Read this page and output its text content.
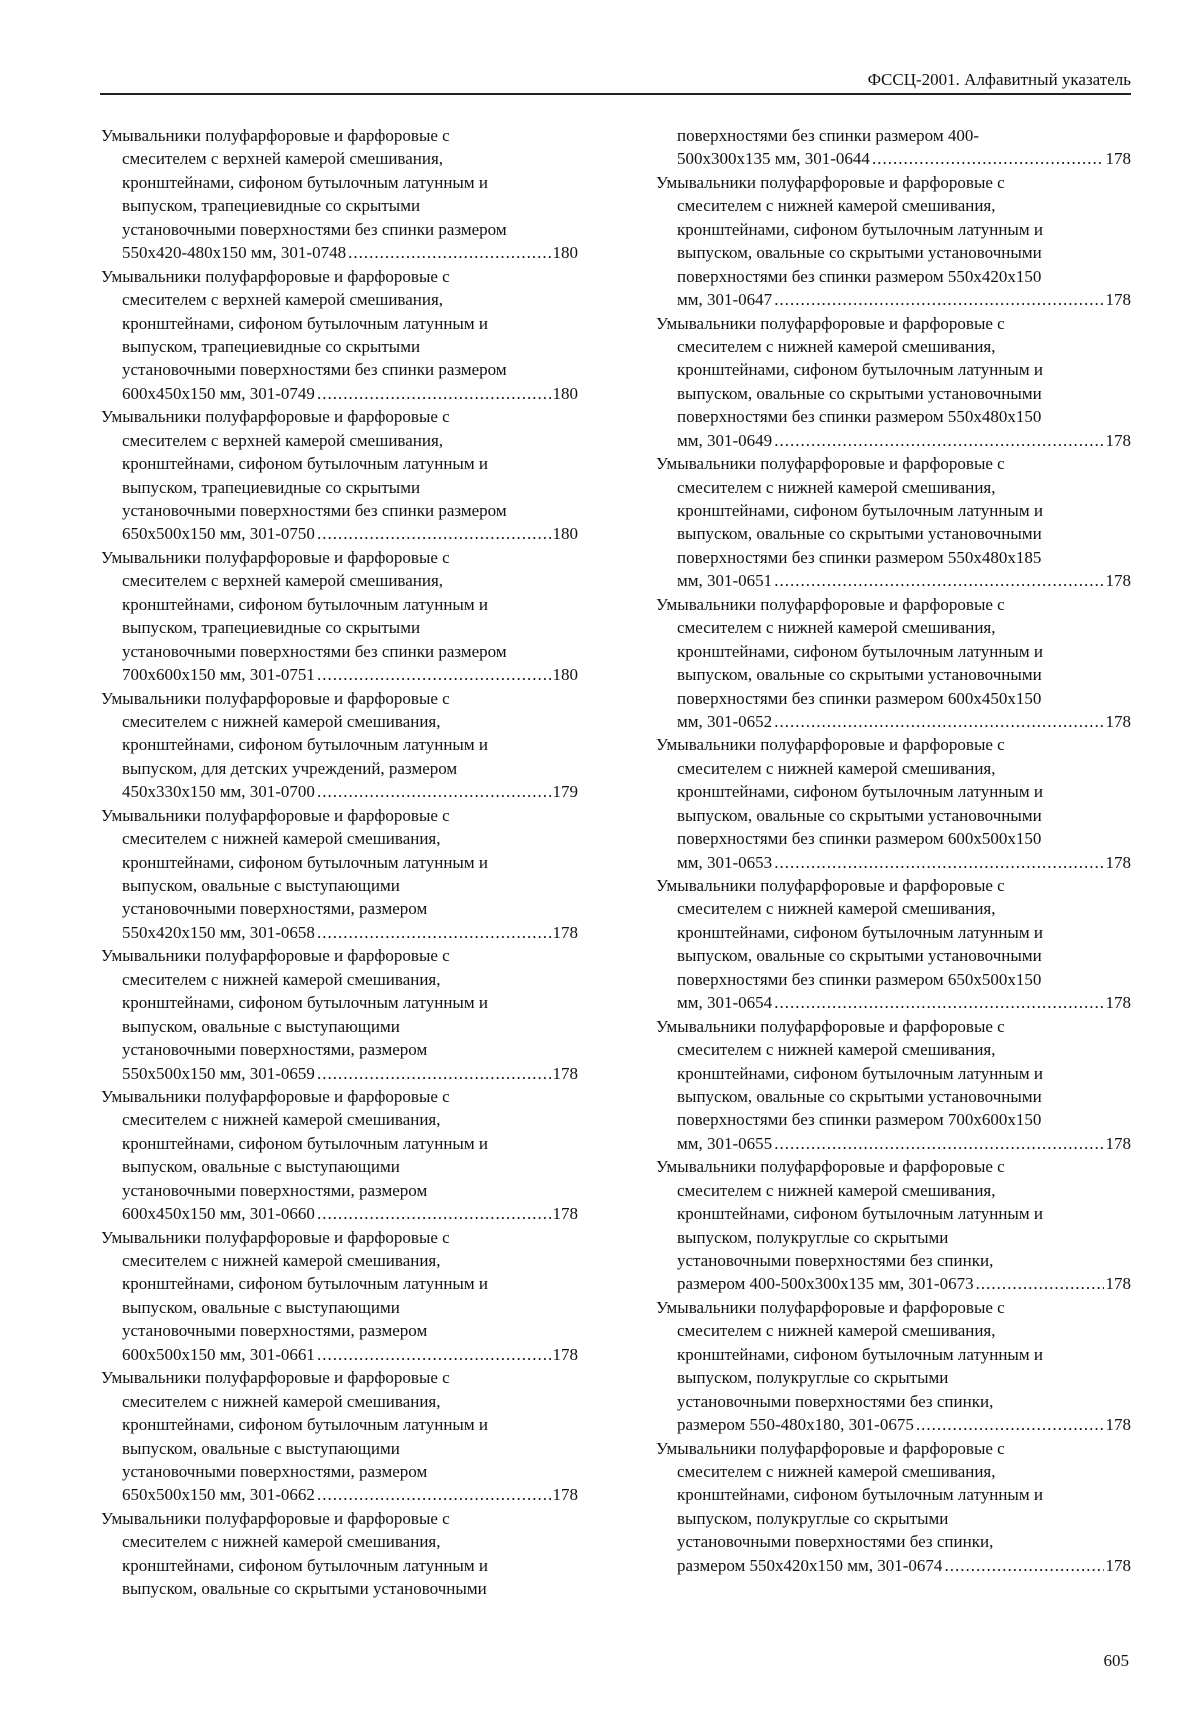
ФССЦ-2001. Алфавитный указатель
Умывальники полуфарфоровые и фарфоровые с
смесителем с верхней камерой смешивания,
кронштейнами, сифоном бутылочным латунным и
выпуском, трапециевидные со скрытыми
установочными поверхностями без спинки размером
550x420-480x150 мм, 301-0748 .....	180
Умывальники полуфарфоровые и фарфоровые с
смесителем с верхней камерой смешивания,
кронштейнами, сифоном бутылочным латунным и
выпуском, трапециевидные со скрытыми
установочными поверхностями без спинки размером
600x450x150 мм, 301-0749 .....	180
Умывальники полуфарфоровые и фарфоровые с
смесителем с верхней камерой смешивания,
кронштейнами, сифоном бутылочным латунным и
выпуском, трапециевидные со скрытыми
установочными поверхностями без спинки размером
650x500x150 мм, 301-0750 .....	180
Умывальники полуфарфоровые и фарфоровые с
смесителем с верхней камерой смешивания,
кронштейнами, сифоном бутылочным латунным и
выпуском, трапециевидные со скрытыми
установочными поверхностями без спинки размером
700x600x150 мм, 301-0751 .....	180
Умывальники полуфарфоровые и фарфоровые с
смесителем с нижней камерой смешивания,
кронштейнами, сифоном бутылочным латунным и
выпуском, для детских учреждений, размером
450x330x150 мм, 301-0700 .....	179
Умывальники полуфарфоровые и фарфоровые с
смесителем с нижней камерой смешивания,
кронштейнами, сифоном бутылочным латунным и
выпуском, овальные с выступающими
установочными поверхностями, размером
550x420x150 мм, 301-0658 .....	178
Умывальники полуфарфоровые и фарфоровые с
смесителем с нижней камерой смешивания,
кронштейнами, сифоном бутылочным латунным и
выпуском, овальные с выступающими
установочными поверхностями, размером
550x500x150 мм, 301-0659 .....	178
Умывальники полуфарфоровые и фарфоровые с
смесителем с нижней камерой смешивания,
кронштейнами, сифоном бутылочным латунным и
выпуском, овальные с выступающими
установочными поверхностями, размером
600x450x150 мм, 301-0660 .....	178
Умывальники полуфарфоровые и фарфоровые с
смесителем с нижней камерой смешивания,
кронштейнами, сифоном бутылочным латунным и
выпуском, овальные с выступающими
установочными поверхностями, размером
600x500x150 мм, 301-0661 .....	178
Умывальники полуфарфоровые и фарфоровые с
смесителем с нижней камерой смешивания,
кронштейнами, сифоном бутылочным латунным и
выпуском, овальные с выступающими
установочными поверхностями, размером
650x500x150 мм, 301-0662 .....	178
Умывальники полуфарфоровые и фарфоровые с
смесителем с нижней камерой смешивания,
кронштейнами, сифоном бутылочным латунным и
выпуском, овальные со скрытыми установочными
поверхностями без спинки размером 400-
500x300x135 мм, 301-0644 .....	178
Умывальники полуфарфоровые и фарфоровые с
смесителем с нижней камерой смешивания,
кронштейнами, сифоном бутылочным латунным и
выпуском, овальные со скрытыми установочными
поверхностями без спинки размером 550x420x150
мм, 301-0647 .....	178
Умывальники полуфарфоровые и фарфоровые с
смесителем с нижней камерой смешивания,
кронштейнами, сифоном бутылочным латунным и
выпуском, овальные со скрытыми установочными
поверхностями без спинки размером 550x480x150
мм, 301-0649 .....	178
Умывальники полуфарфоровые и фарфоровые с
смесителем с нижней камерой смешивания,
кронштейнами, сифоном бутылочным латунным и
выпуском, овальные со скрытыми установочными
поверхностями без спинки размером 550x480x185
мм, 301-0651 .....	178
Умывальники полуфарфоровые и фарфоровые с
смесителем с нижней камерой смешивания,
кронштейнами, сифоном бутылочным латунным и
выпуском, овальные со скрытыми установочными
поверхностями без спинки размером 600x450x150
мм, 301-0652 .....	178
Умывальники полуфарфоровые и фарфоровые с
смесителем с нижней камерой смешивания,
кронштейнами, сифоном бутылочным латунным и
выпуском, овальные со скрытыми установочными
поверхностями без спинки размером 600x500x150
мм, 301-0653 .....	178
Умывальники полуфарфоровые и фарфоровые с
смесителем с нижней камерой смешивания,
кронштейнами, сифоном бутылочным латунным и
выпуском, овальные со скрытыми установочными
поверхностями без спинки размером 650x500x150
мм, 301-0654 .....	178
Умывальники полуфарфоровые и фарфоровые с
смесителем с нижней камерой смешивания,
кронштейнами, сифоном бутылочным латунным и
выпуском, овальные со скрытыми установочными
поверхностями без спинки размером 700x600x150
мм, 301-0655 .....	178
Умывальники полуфарфоровые и фарфоровые с
смесителем с нижней камерой смешивания,
кронштейнами, сифоном бутылочным латунным и
выпуском, полукруглые со скрытыми
установочными поверхностями без спинки,
размером 400-500x300x135 мм, 301-0673 .....	178
Умывальники полуфарфоровые и фарфоровые с
смесителем с нижней камерой смешивания,
кронштейнами, сифоном бутылочным латунным и
выпуском, полукруглые со скрытыми
установочными поверхностями без спинки,
размером 550-480x180, 301-0675 .....	178
Умывальники полуфарфоровые и фарфоровые с
смесителем с нижней камерой смешивания,
кронштейнами, сифоном бутылочным латунным и
выпуском, полукруглые со скрытыми
установочными поверхностями без спинки,
размером 550x420x150 мм, 301-0674 .....	178
605
